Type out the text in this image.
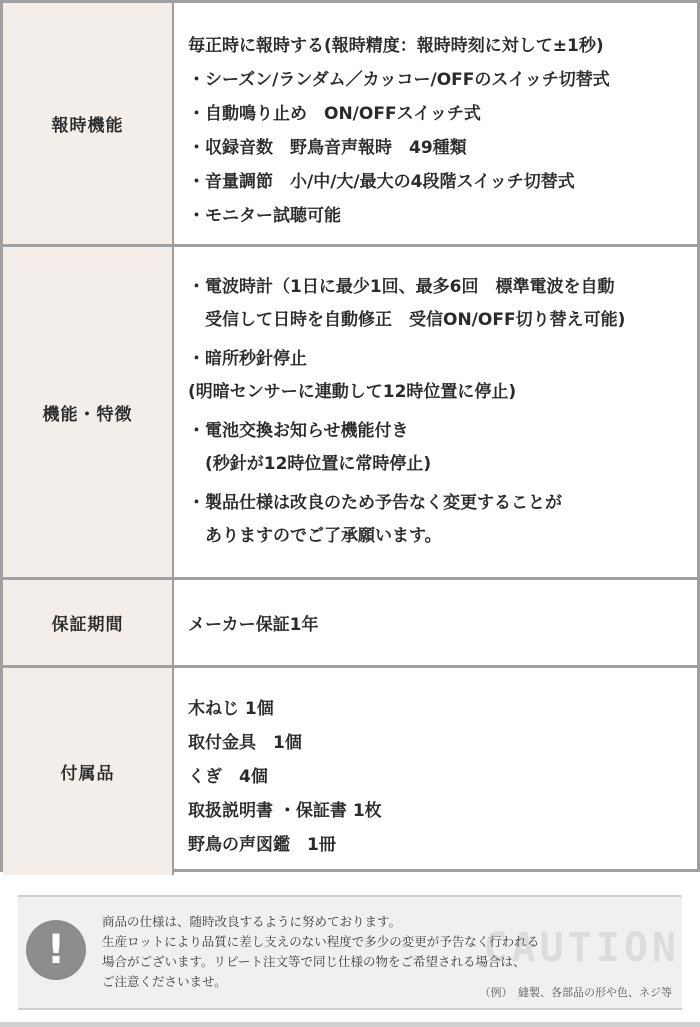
報時機能
毎正時に報時する(報時精度：報時時刻に対して±1秒)
・シーズン/ランダム／カッコー/OFFのスイッチ切替式
・自動鳴り止め　ON/OFFスイッチ式
・収録音数　野鳥音声報時　49種類
・音量調節　小/中/大/最大の4段階スイッチ切替式
・モニター試聴可能
機能・特徴
・電波時計（1日に最少1回、最多6回　標準電波を自動
　受信して日時を自動修正　受信ON/OFF切り替え可能)
・暗所秒針停止
(明暗センサーに連動して12時位置に停止)
・電池交換お知らせ機能付き
　(秒針が12時位置に常時停止)
・製品仕様は改良のため予告なく変更することが
　ありますのでご了承願います。
保証期間	メーカー保証1年
付属品
木ねじ 1個
取付金具　1個
くぎ　4個
取扱説明書 ・保証書 1枚
野鳥の声図鑑　1冊
CAUTION
!
商品の仕様は、随時改良するように努めております。
生産ロットにより品質に差し支えのない程度で多少の変更が予告なく行われる
場合がございます。リピート注文等で同じ仕様の物をご希望される場合は、
ご注意くださいませ。
（例）　縫製、各部品の形や色、ネジ等
